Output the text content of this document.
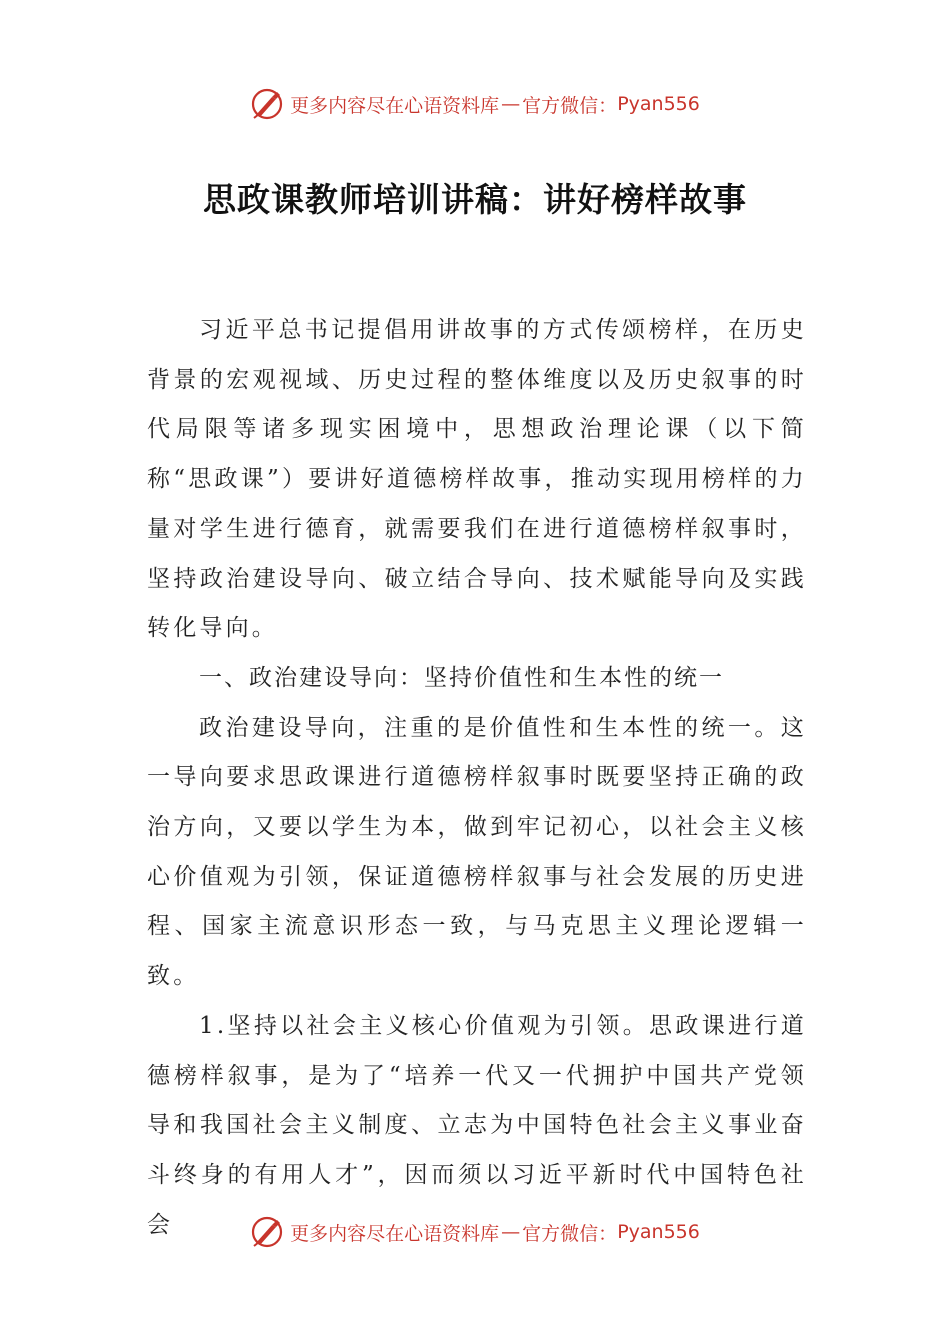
更多内容尽在心语资料库 — 官方微信： Pyan556
思政课教师培训讲稿：讲好榜样故事

习近平总书记提倡用讲故事的方式传颂榜样，在历史背景的宏观视域、历史过程的整体维度以及历史叙事的时代局限等诸多现实困境中，思想政治理论课（以下简称“思政课”）要讲好道德榜样故事，推动实现用榜样的力量对学生进行德育，就需要我们在进行道德榜样叙事时，坚持政治建设导向、破立结合导向、技术赋能导向及实践转化导向。

一、政治建设导向：坚持价值性和生本性的统一

政治建设导向，注重的是价值性和生本性的统一。这一导向要求思政课进行道德榜样叙事时既要坚持正确的政治方向，又要以学生为本，做到牢记初心，以社会主义核心价值观为引领，保证道德榜样叙事与社会发展的历史进程、国家主流意识形态一致，与马克思主义理论逻辑一致。

1.坚持以社会主义核心价值观为引领。思政课进行道德榜样叙事，是为了“培养一代又一代拥护中国共产党领导和我国社会主义制度、立志为中国特色社会主义事业奋斗终身的有用人才”，因而须以习近平新时代中国特色社会	更多内容尽在心语资料库 — 官方微信： Pyan556
